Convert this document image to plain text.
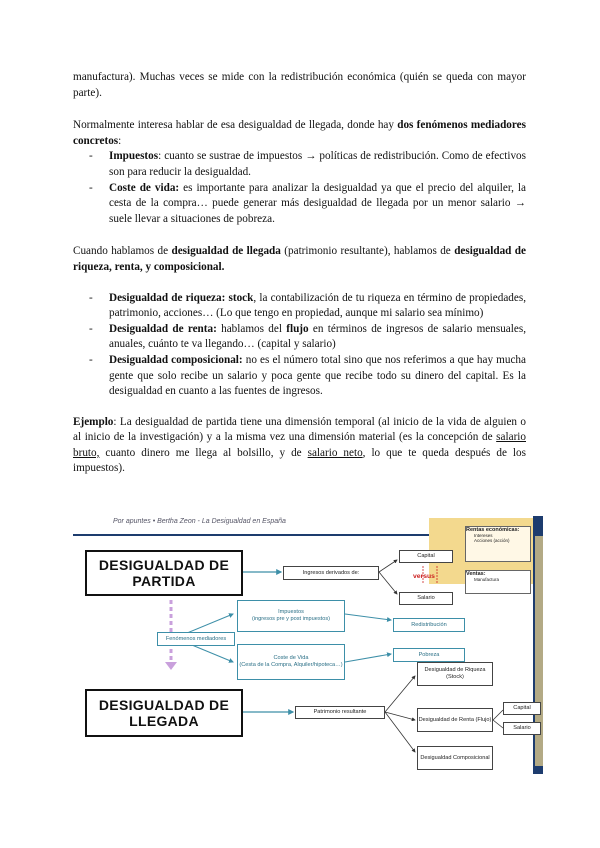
manufactura). Muchas veces se mide con la redistribución económica (quién se queda con mayor parte).

Normalmente interesa hablar de esa desigualdad de llegada, donde hay dos fenómenos mediadores concretos:

- Impuestos: cuanto se sustrae de impuestos → políticas de redistribución. Como de efectivos son para reducir la desigualdad.
- Coste de vida: es importante para analizar la desigualdad ya que el precio del alquiler, la cesta de la compra… puede generar más desigualdad de llegada por un menor salario → suele llevar a situaciones de pobreza.

Cuando hablamos de desigualdad de llegada (patrimonio resultante), hablamos de desigualdad de riqueza, renta, y composicional.

- Desigualdad de riqueza: stock, la contabilización de tu riqueza en término de propiedades, patrimonio, acciones… (Lo que tengo en propiedad, aunque mi salario sea mínimo)
- Desigualdad de renta: hablamos del flujo en términos de ingresos de salario mensuales, anuales, cuánto te va llegando… (capital y salario)
- Desigualdad composicional: no es el número total sino que nos referimos a que hay mucha gente que solo recibe un salario y poca gente que recibe todo su dinero del capital. Es la desigualdad en cuanto a las fuentes de ingresos.

Ejemplo: La desigualdad de partida tiene una dimensión temporal (al inicio de la vida de alguien o al inicio de la investigación) y a la misma vez una dimensión material (es la concepción de salario bruto, cuanto dinero me llega al bolsillo, y de salario neto, lo que te queda después de los impuestos).

Por apuntes • Bertha Zeon - La Desigualdad en España
DESIGUALDAD DE PARTIDA
DESIGUALDAD DE LLEGADA
Ingresos derivados de:
Capital
versus
Salario
Rentas económicas:
Intereses
Acciones (acción)
Ventas:
Manufactura
Fenómenos mediadores
Impuestos
(ingresos pre y post impuestos)
Coste de Vida
(Cesta de la Compra, Alquiler/hipoteca…)
Redistribución
Pobreza
Patrimonio resultante
Desigualdad de Riqueza (Stock)
Desigualdad de Renta (Flujo)
Desigualdad Composicional
Capital
Salario
